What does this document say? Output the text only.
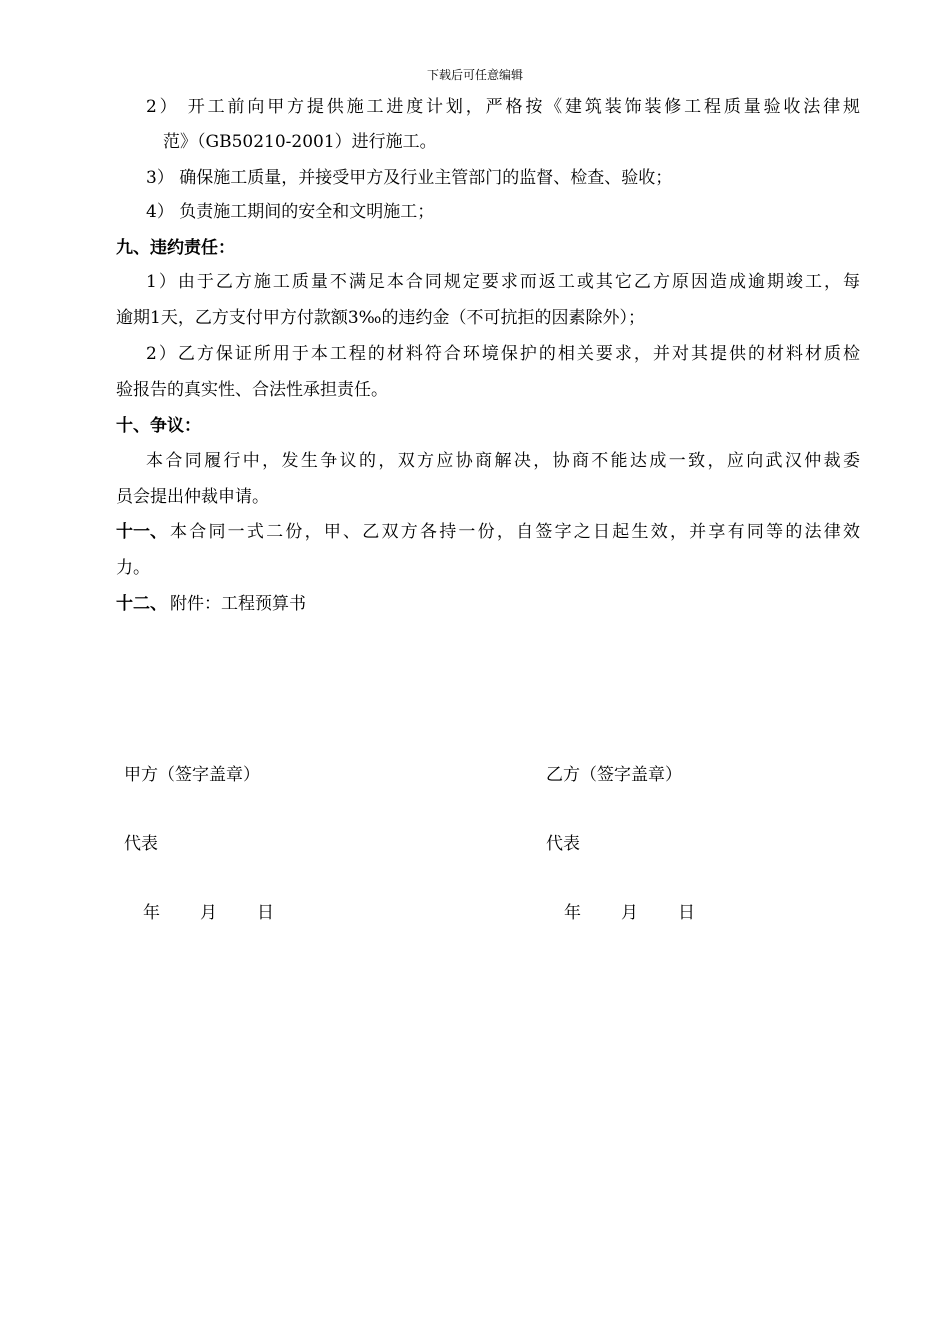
下载后可任意编辑
2） 开工前向甲方提供施工进度计划，严格按《建筑装饰装修工程质量验收法律规
范》（GB50210-2001）进行施工。
3） 确保施工质量，并接受甲方及行业主管部门的监督、检查、验收；
4） 负责施工期间的安全和文明施工；
九、违约责任：
1）由于乙方施工质量不满足本合同规定要求而返工或其它乙方原因造成逾期竣工，每
逾期1天，乙方支付甲方付款额3‰的违约金（不可抗拒的因素除外）；
2）乙方保证所用于本工程的材料符合环境保护的相关要求，并对其提供的材料材质检
验报告的真实性、合法性承担责任。
十、争议：
本合同履行中，发生争议的，双方应协商解决，协商不能达成一致，应向武汉仲裁委
员会提出仲裁申请。
十一、 本合同一式二份，甲、乙双方各持一份，自签字之日起生效，并享有同等的法律效
力。
十二、 附件：工程预算书
甲方（签字盖章）	乙方（签字盖章）
代表	代表
年 月 日	年 月 日
